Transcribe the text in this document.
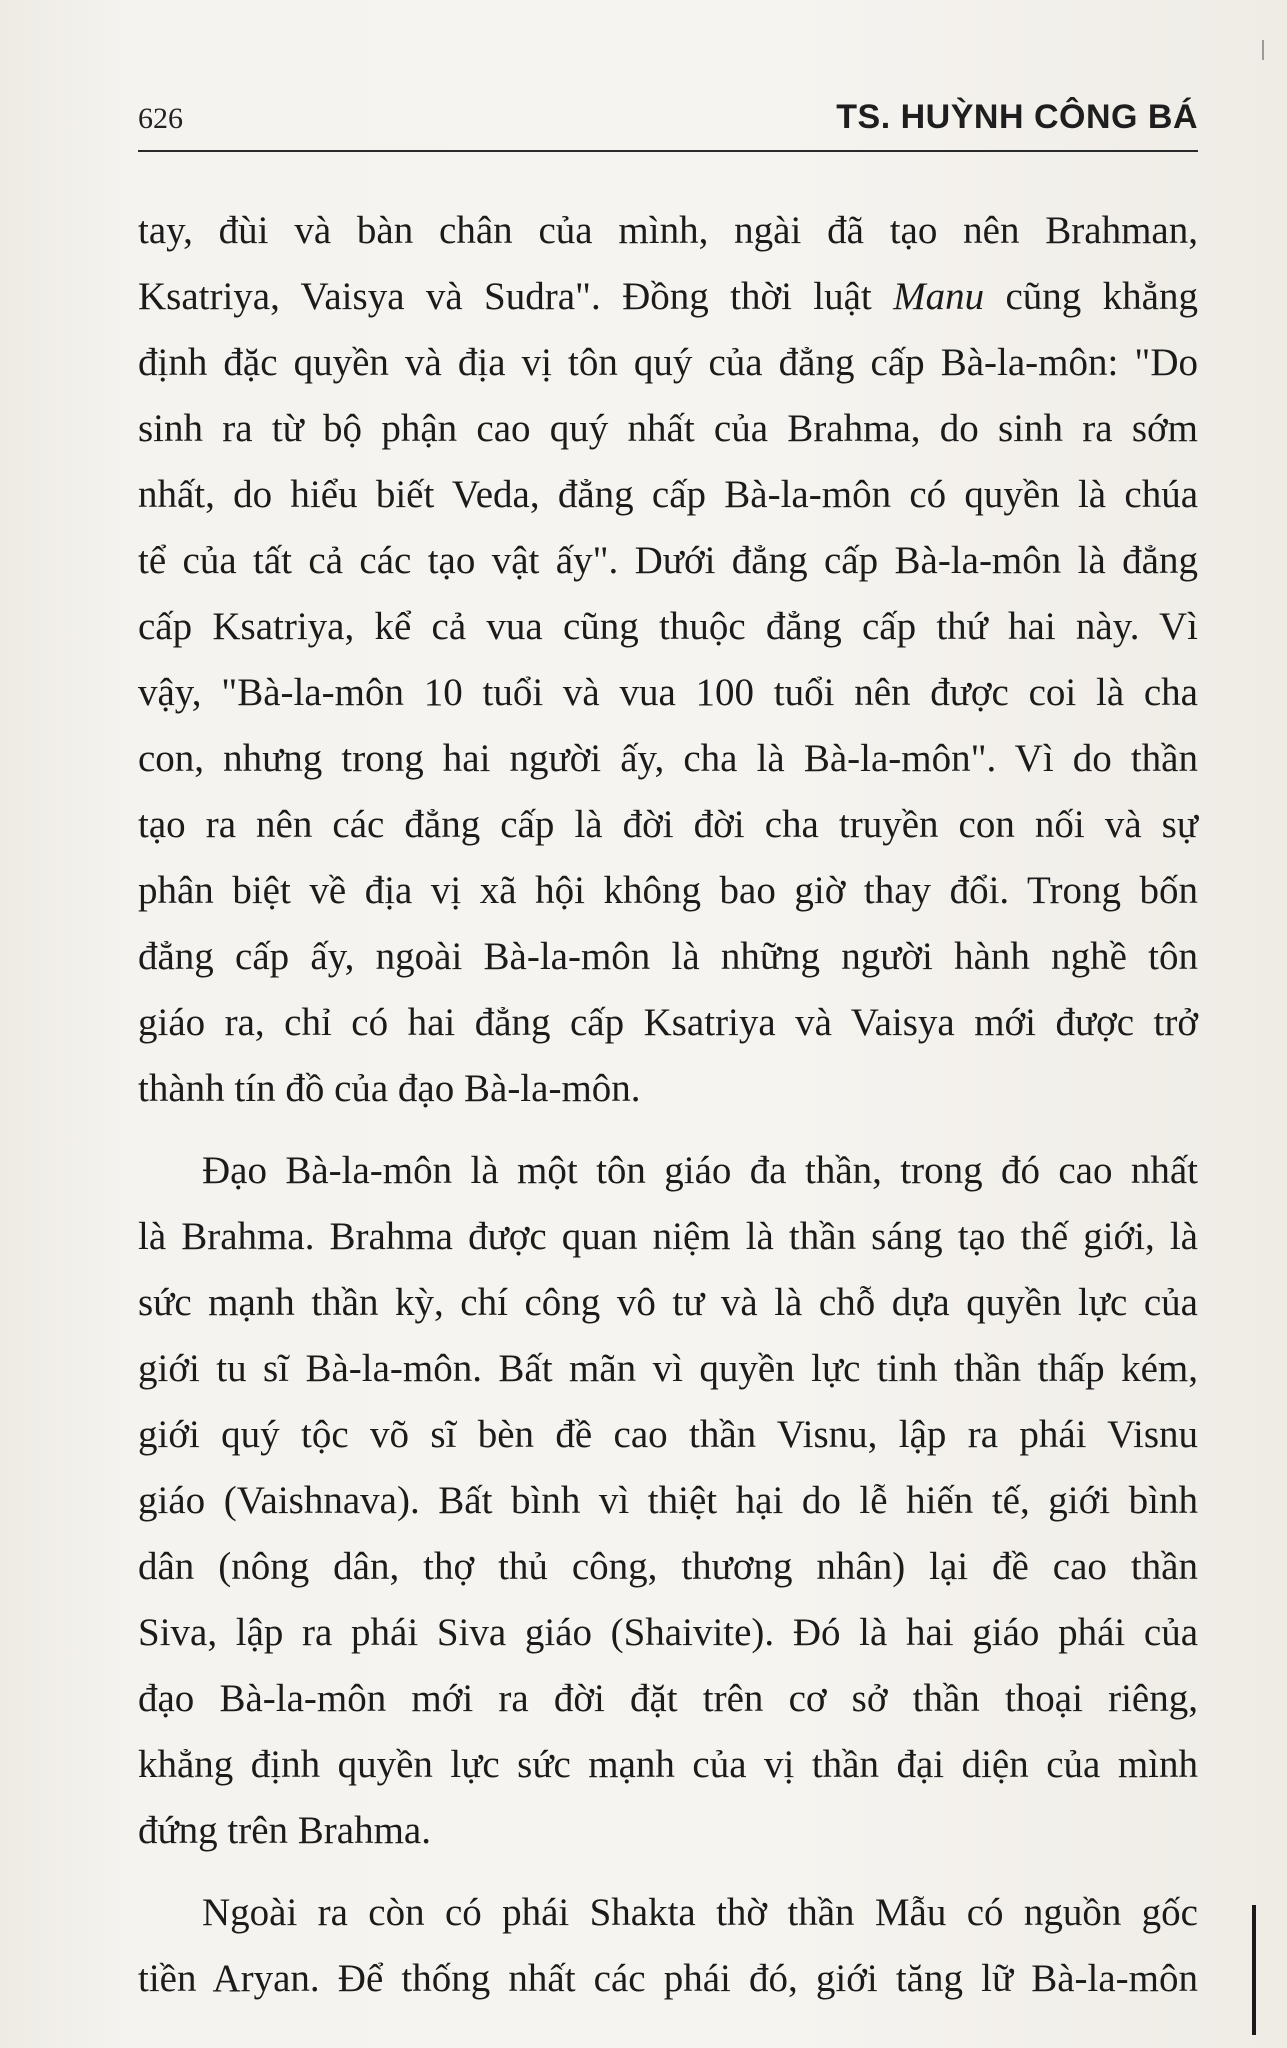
626	TS. HUỲNH CÔNG BÁ
tay, đùi và bàn chân của mình, ngài đã tạo nên Brahman,
Ksatriya, Vaisya và Sudra". Đồng thời luật Manu cũng khẳng
định đặc quyền và địa vị tôn quý của đẳng cấp Bà-la-môn: "Do
sinh ra từ bộ phận cao quý nhất của Brahma, do sinh ra sớm
nhất, do hiểu biết Veda, đẳng cấp Bà-la-môn có quyền là chúa
tể của tất cả các tạo vật ấy". Dưới đẳng cấp Bà-la-môn là đẳng
cấp Ksatriya, kể cả vua cũng thuộc đẳng cấp thứ hai này. Vì
vậy, "Bà-la-môn 10 tuổi và vua 100 tuổi nên được coi là cha
con, nhưng trong hai người ấy, cha là Bà-la-môn". Vì do thần
tạo ra nên các đẳng cấp là đời đời cha truyền con nối và sự
phân biệt về địa vị xã hội không bao giờ thay đổi. Trong bốn
đẳng cấp ấy, ngoài Bà-la-môn là những người hành nghề tôn
giáo ra, chỉ có hai đẳng cấp Ksatriya và Vaisya mới được trở
thành tín đồ của đạo Bà-la-môn.
Đạo Bà-la-môn là một tôn giáo đa thần, trong đó cao nhất
là Brahma. Brahma được quan niệm là thần sáng tạo thế giới, là
sức mạnh thần kỳ, chí công vô tư và là chỗ dựa quyền lực của
giới tu sĩ Bà-la-môn. Bất mãn vì quyền lực tinh thần thấp kém,
giới quý tộc võ sĩ bèn đề cao thần Visnu, lập ra phái Visnu
giáo (Vaishnava). Bất bình vì thiệt hại do lễ hiến tế, giới bình
dân (nông dân, thợ thủ công, thương nhân) lại đề cao thần
Siva, lập ra phái Siva giáo (Shaivite). Đó là hai giáo phái của
đạo Bà-la-môn mới ra đời đặt trên cơ sở thần thoại riêng,
khẳng định quyền lực sức mạnh của vị thần đại diện của mình
đứng trên Brahma.
Ngoài ra còn có phái Shakta thờ thần Mẫu có nguồn gốc
tiền Aryan. Để thống nhất các phái đó, giới tăng lữ Bà-la-môn
